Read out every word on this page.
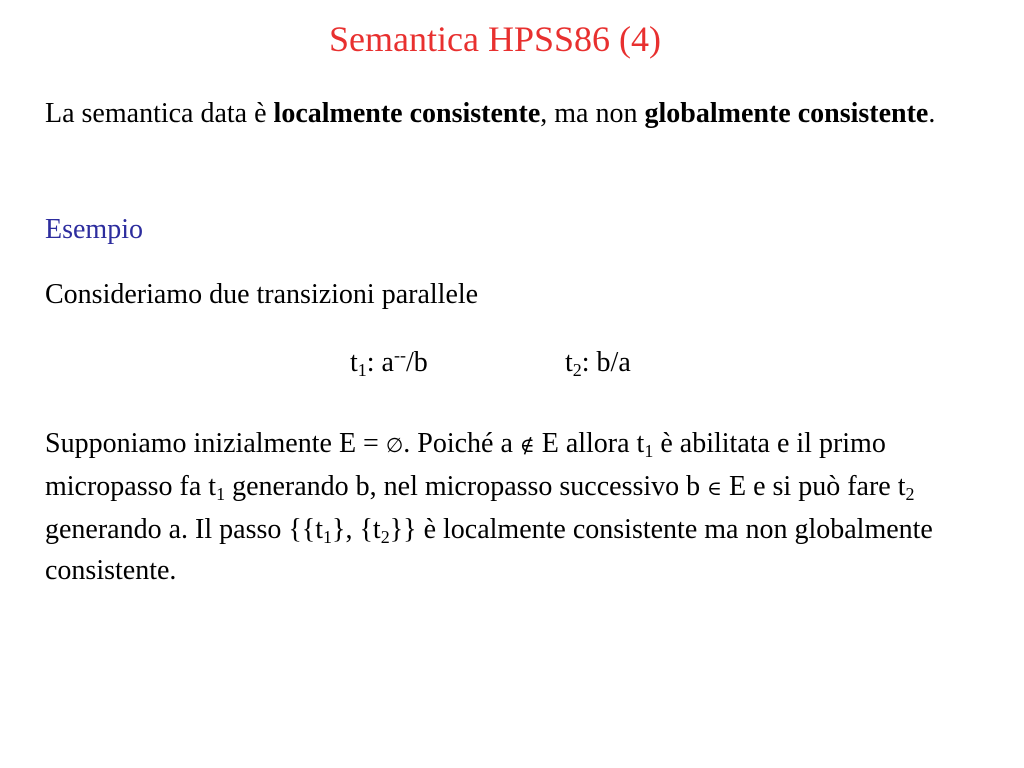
Semantica HPSS86 (4)
La semantica data è localmente consistente, ma non globalmente consistente.
Esempio
Consideriamo due transizioni parallele
$t_1$: a--/b	$t_2$: b/a
Supponiamo inizialmente E = ∅. Poiché a ∉ E allora $t_1$ è abilitata e il primo micropasso fa $t_1$ generando b, nel micropasso successivo b ∈ E e si può fare $t_2$ generando a. Il passo {$\{t_1\}$, $\{t_2\}$} è localmente consistente ma non globalmente consistente.
